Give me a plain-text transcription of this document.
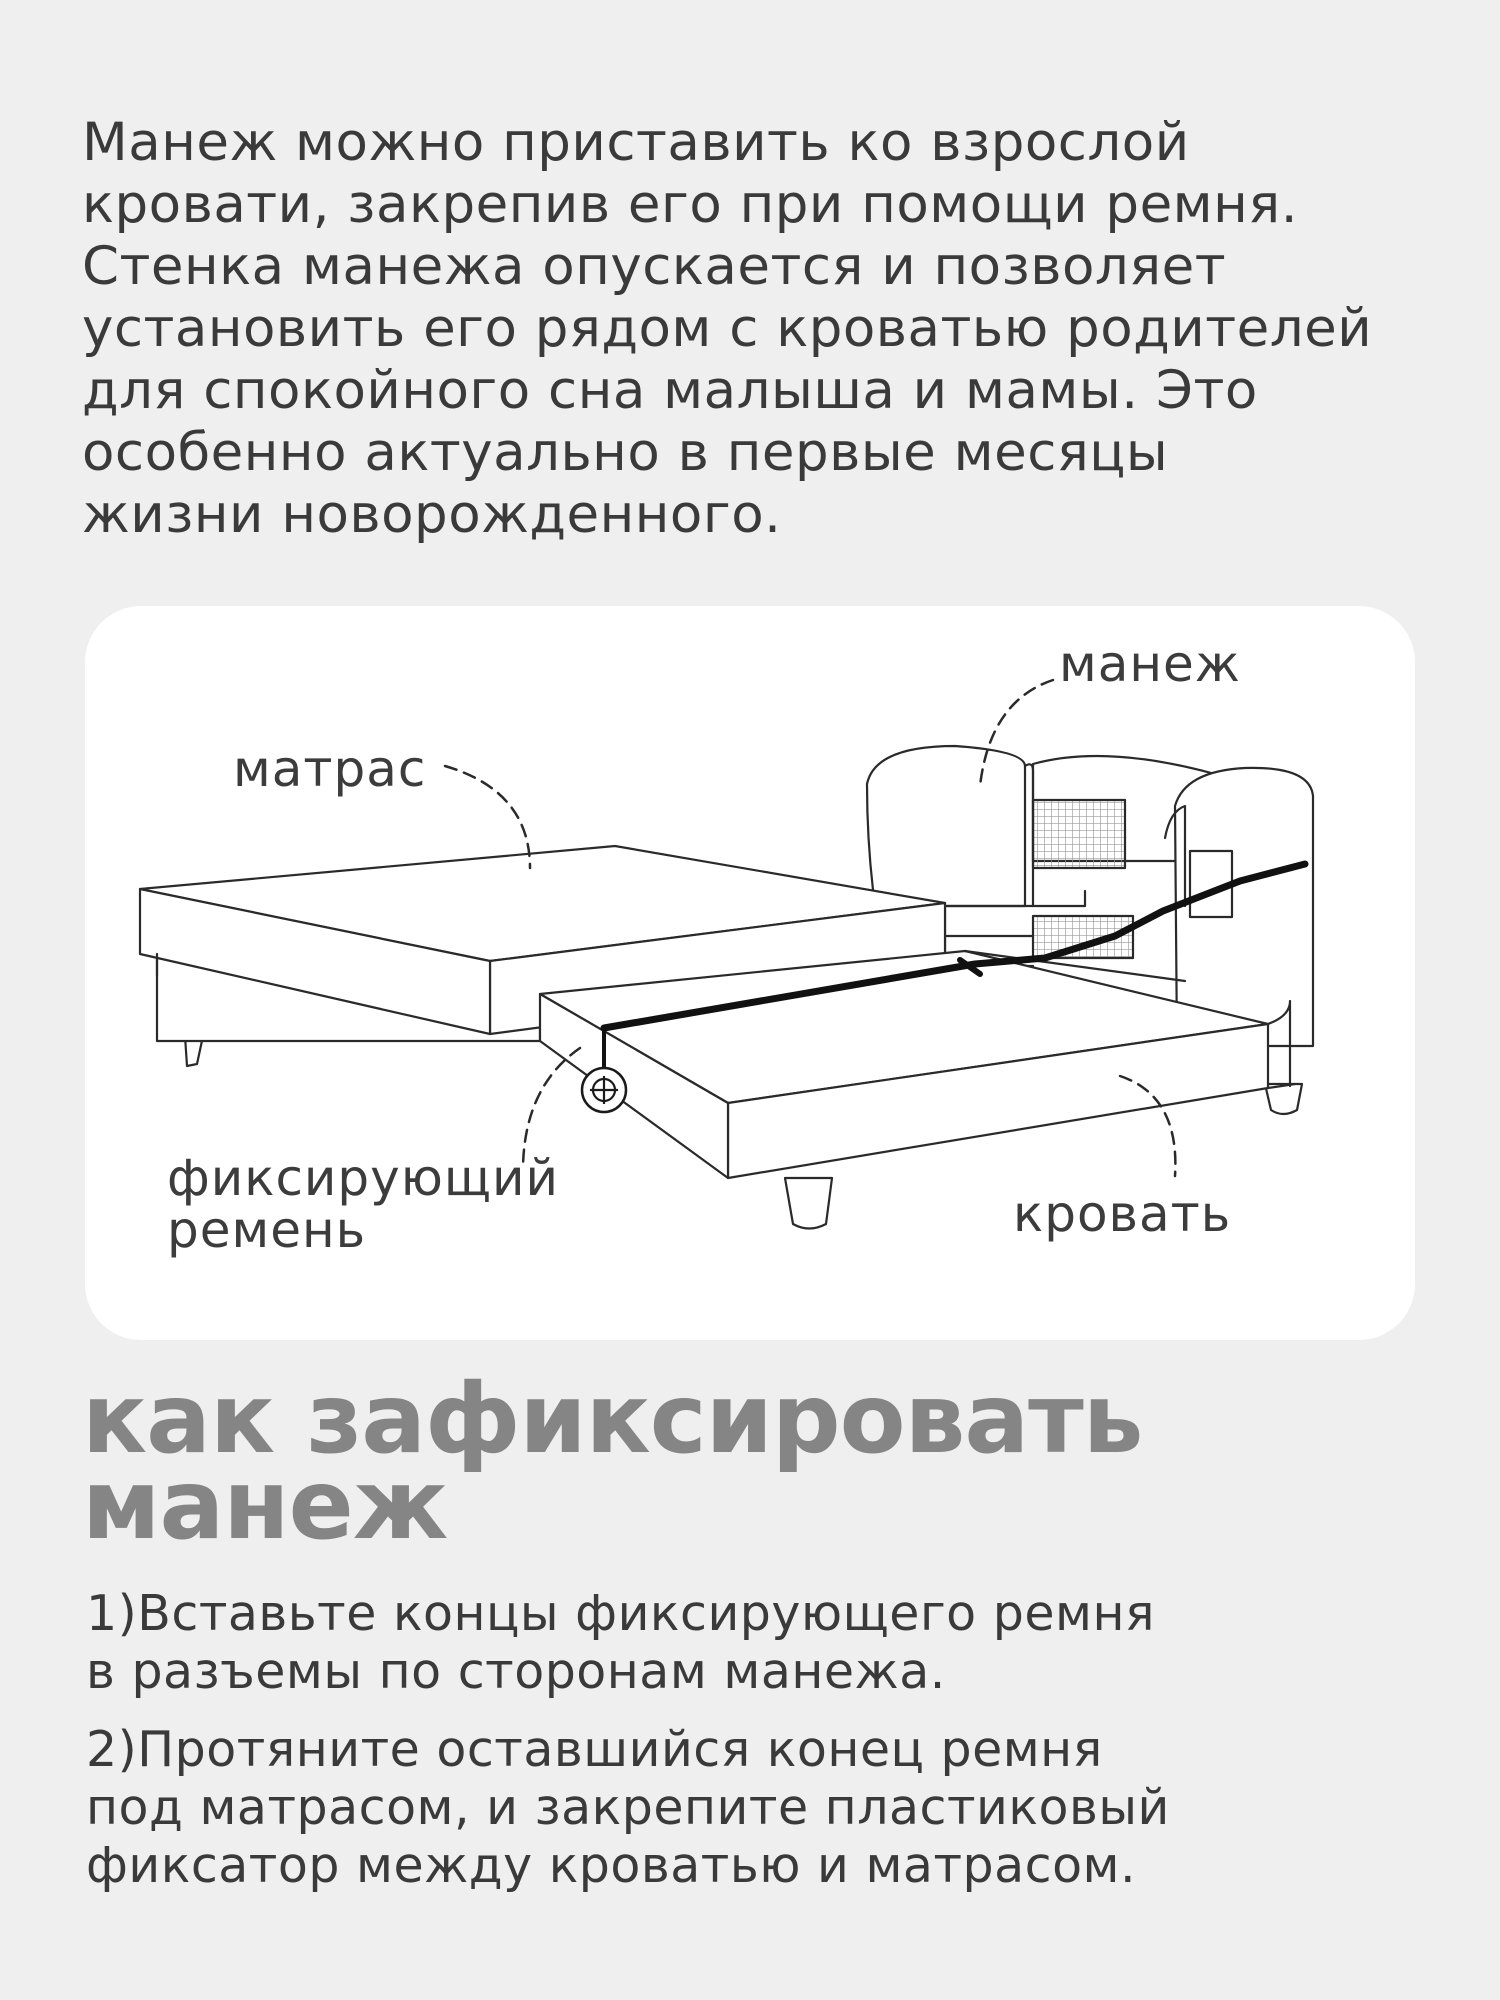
Манеж можно приставить ко взрослой
кровати, закрепив его при помощи ремня.
Стенка манежа опускается и позволяет
установить его рядом с кроватью родителей
для спокойного сна малыша и мамы. Это
особенно актуально в первые месяцы
жизни новорожденного.

манеж

матрас

фиксирующий

ремень	кровать

как зафиксировать
манеж
1)Вставьте концы фиксирующего ремня
в разъемы по сторонам манежа.
2)Протяните оставшийся конец ремня
под матрасом, и закрепите пластиковый
фиксатор между кроватью и матрасом.
